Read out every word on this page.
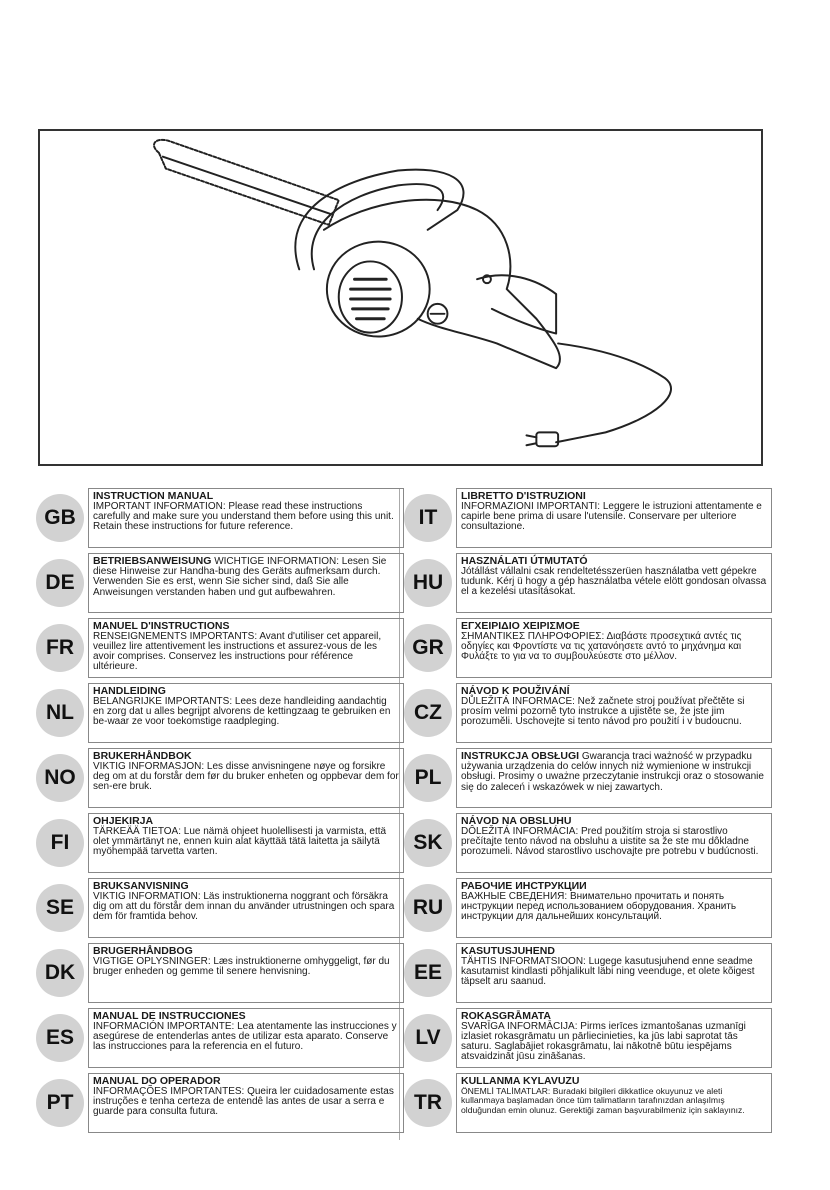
GB
INSTRUCTION MANUAL
IMPORTANT INFORMATION: Please read these instructions carefully and make sure you understand them before using this unit. Retain these instructions for future reference.
DE
BETRIEBSANWEISUNG WICHTIGE INFORMATION: Lesen Sie diese Hinweise zur Handha-bung des Geräts aufmerksam durch. Verwenden Sie es erst, wenn Sie sicher sind, daß Sie alle Anweisungen verstanden haben und gut aufbewahren.
FR
MANUEL D'INSTRUCTIONS
RENSEIGNEMENTS IMPORTANTS: Avant d'utiliser cet appareil, veuillez lire attentivement les instructions et assurez-vous de les avoir comprises. Conservez les instructions pour référence ultérieure.
NL
HANDLEIDING
BELANGRIJKE IMPORTANTS: Lees deze handleiding aandachtig en zorg dat u alles begrijpt alvorens de kettingzaag te gebruiken en be-waar ze voor toekomstige raadpleging.
NO
BRUKERHÅNDBOK
VIKTIG INFORMASJON: Les disse anvisningene nøye og forsikre deg om at du forstår dem før du bruker enheten og oppbevar dem for sen-ere bruk.
FI
OHJEKIRJA
TÄRKEÄÄ TIETOA: Lue nämä ohjeet huolellisesti ja varmista, että olet ymmärtänyt ne, ennen kuin alat käyttää tätä laitetta ja säilytä myöhempää tarvetta varten.
SE
BRUKSANVISNING
VIKTIG INFORMATION: Läs instruktionerna noggrant och försäkra dig om att du förstår dem innan du använder utrustningen och spara dem för framtida behov.
DK
BRUGERHÅNDBOG
VIGTIGE OPLYSNINGER: Læs instruktionerne omhyggeligt, før du bruger enheden og gemme til senere henvisning.
ES
MANUAL DE INSTRUCCIONES
INFORMACIÓN IMPORTANTE: Lea atentamente las instrucciones y asegúrese de entenderlas antes de utilizar esta aparato. Conserve las instrucciones para la referencia en el futuro.
PT
MANUAL DO OPERADOR
INFORMAÇÕES IMPORTANTES: Queira ler cuidadosamente estas instruções e tenha certeza de entendê las antes de usar a serra e guarde para consulta futura.
IT
LIBRETTO D'ISTRUZIONI
INFORMAZIONI IMPORTANTI: Leggere le istruzioni attentamente e capirle bene prima di usare l'utensile. Conservare per ulteriore consultazione.
HU
HASZNÁLATI ÚTMUTATÓ
Jótállást vállalni csak rendeltetésszerüen használatba vett gépekre tudunk. Kérj ü hogy a gép használatba vétele elött gondosan olvassa el a kezelési utasításokat.
GR
ΕΓΧΕΙΡΙΔΙΟ ΧΕΙΡΙΣΜΟΕ
ΣΗΜΑΝΤΙΚΕΣ ΠΛΗΡΟΦΟΡΙΕΣ: Διαβάστε προσεχτικά αντές τις οδηγίες και Φροντίστε να τις χατανόησετε αντό το μηχάνημα και Φυλάξτε το για να το συμβουλεύεστε στο μέλλον.
CZ
NÁVOD K POUŽIVÁNÍ
DŮLEŽITÁ INFORMACE: Než začnete stroj používat přečtěte si prosím velmi pozorně tyto instrukce a ujistěte se, že jste jim porozuměli. Uschovejte si tento návod pro použití i v budoucnu.
PL
INSTRUKCJA OBSŁUGI Gwarancja traci ważność w przypadku używania urządzenia do celów innych niż wymienione w instrukcji obsługi. Prosimy o uważne przeczytanie instrukcji oraz o stosowanie się do zaleceń i wskazówek w niej zawartych.
SK
NÁVOD NA OBSLUHU
DÔLEŽITÁ INFORMÁCIA: Pred použitím stroja si starostlivo prečítajte tento návod na obsluhu a uistite sa že ste mu dôkladne porozumeli. Návod starostlivo uschovajte pre potrebu v budúcnosti.
RU
РАБОЧИЕ ИНСТРУКЦИИ
ВАЖНЫЕ СВЕДЕНИЯ: Внимательно прочитать и понять инструкции перед использованием оборудования. Хранить инструкции для дальнейших консультаций.
EE
KASUTUSJUHEND
TÄHTIS INFORMATSIOON: Lugege kasutusjuhend enne seadme kasutamist kindlasti põhjalikult läbi ning veenduge, et olete kõigest täpselt aru saanud.
LV
ROKASGRĀMATA
SVARĪGA INFORMĀCIJA: Pirms ierīces izmantošanas uzmanīgi izlasiet rokasgrāmatu un pārliecinieties, ka jūs labi saprotat tās saturu. Saglabājiet rokasgrāmatu, lai nākotnē būtu iespējams atsvaidzināt jūsu zināšanas.
TR
KULLANMA KYLAVUZU
ÖNEMLİ TALİMATLAR: Buradaki bilgileri dikkatlice okuyunuz ve aleti kullanmaya başlamadan önce tüm talimatların tarafınızdan anlaşılmış olduğundan emin olunuz. Gerektiği zaman başvurabilmeniz için saklayınız.
